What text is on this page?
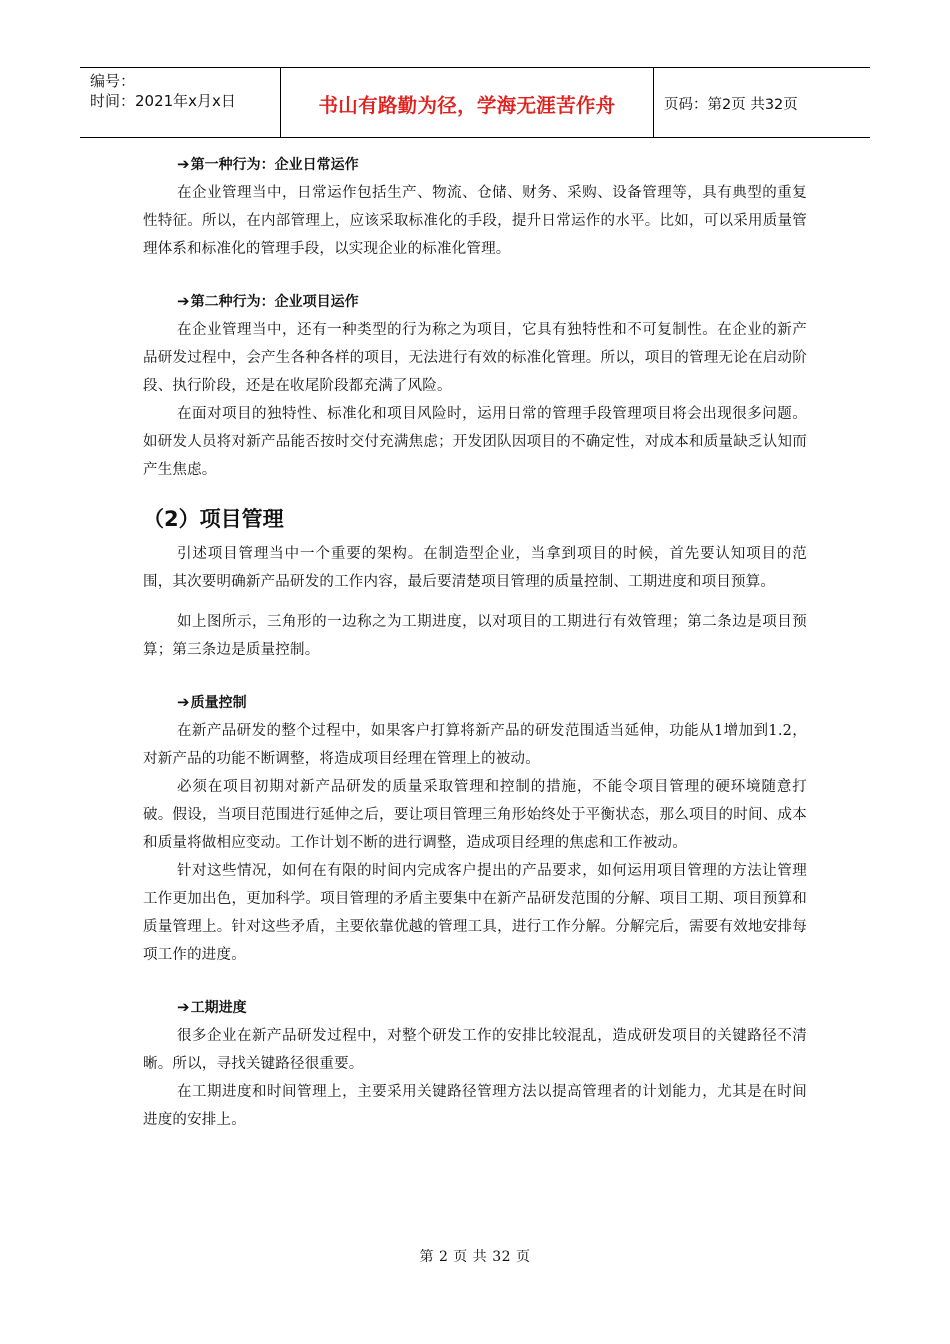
编号：
时间：2021年x月x日	书山有路勤为径，学海无涯苦作舟	页码：第2页 共32页

➔第一种行为：企业日常运作

在企业管理当中，日常运作包括生产、物流、仓储、财务、采购、设备管理等，具有典型的重复性特征。所以，在内部管理上，应该采取标准化的手段，提升日常运作的水平。比如，可以采用质量管理体系和标准化的管理手段，以实现企业的标准化管理。

➔第二种行为：企业项目运作

在企业管理当中，还有一种类型的行为称之为项目，它具有独特性和不可复制性。在企业的新产品研发过程中，会产生各种各样的项目，无法进行有效的标准化管理。所以，项目的管理无论在启动阶段、执行阶段，还是在收尾阶段都充满了风险。

在面对项目的独特性、标准化和项目风险时，运用日常的管理手段管理项目将会出现很多问题。如研发人员将对新产品能否按时交付充满焦虑；开发团队因项目的不确定性，对成本和质量缺乏认知而产生焦虑。

（2）项目管理

引述项目管理当中一个重要的架构。在制造型企业，当拿到项目的时候，首先要认知项目的范围，其次要明确新产品研发的工作内容，最后要清楚项目管理的质量控制、工期进度和项目预算。

如上图所示，三角形的一边称之为工期进度，以对项目的工期进行有效管理；第二条边是项目预算；第三条边是质量控制。

➔质量控制

在新产品研发的整个过程中，如果客户打算将新产品的研发范围适当延伸，功能从1增加到1.2，对新产品的功能不断调整，将造成项目经理在管理上的被动。

必须在项目初期对新产品研发的质量采取管理和控制的措施，不能令项目管理的硬环境随意打破。假设，当项目范围进行延伸之后，要让项目管理三角形始终处于平衡状态，那么项目的时间、成本和质量将做相应变动。工作计划不断的进行调整，造成项目经理的焦虑和工作被动。

针对这些情况，如何在有限的时间内完成客户提出的产品要求，如何运用项目管理的方法让管理工作更加出色，更加科学。项目管理的矛盾主要集中在新产品研发范围的分解、项目工期、项目预算和质量管理上。针对这些矛盾，主要依靠优越的管理工具，进行工作分解。分解完后，需要有效地安排每项工作的进度。

➔工期进度

很多企业在新产品研发过程中，对整个研发工作的安排比较混乱，造成研发项目的关键路径不清晰。所以，寻找关键路径很重要。

在工期进度和时间管理上，主要采用关键路径管理方法以提高管理者的计划能力，尤其是在时间进度的安排上。

第 2 页 共 32 页
